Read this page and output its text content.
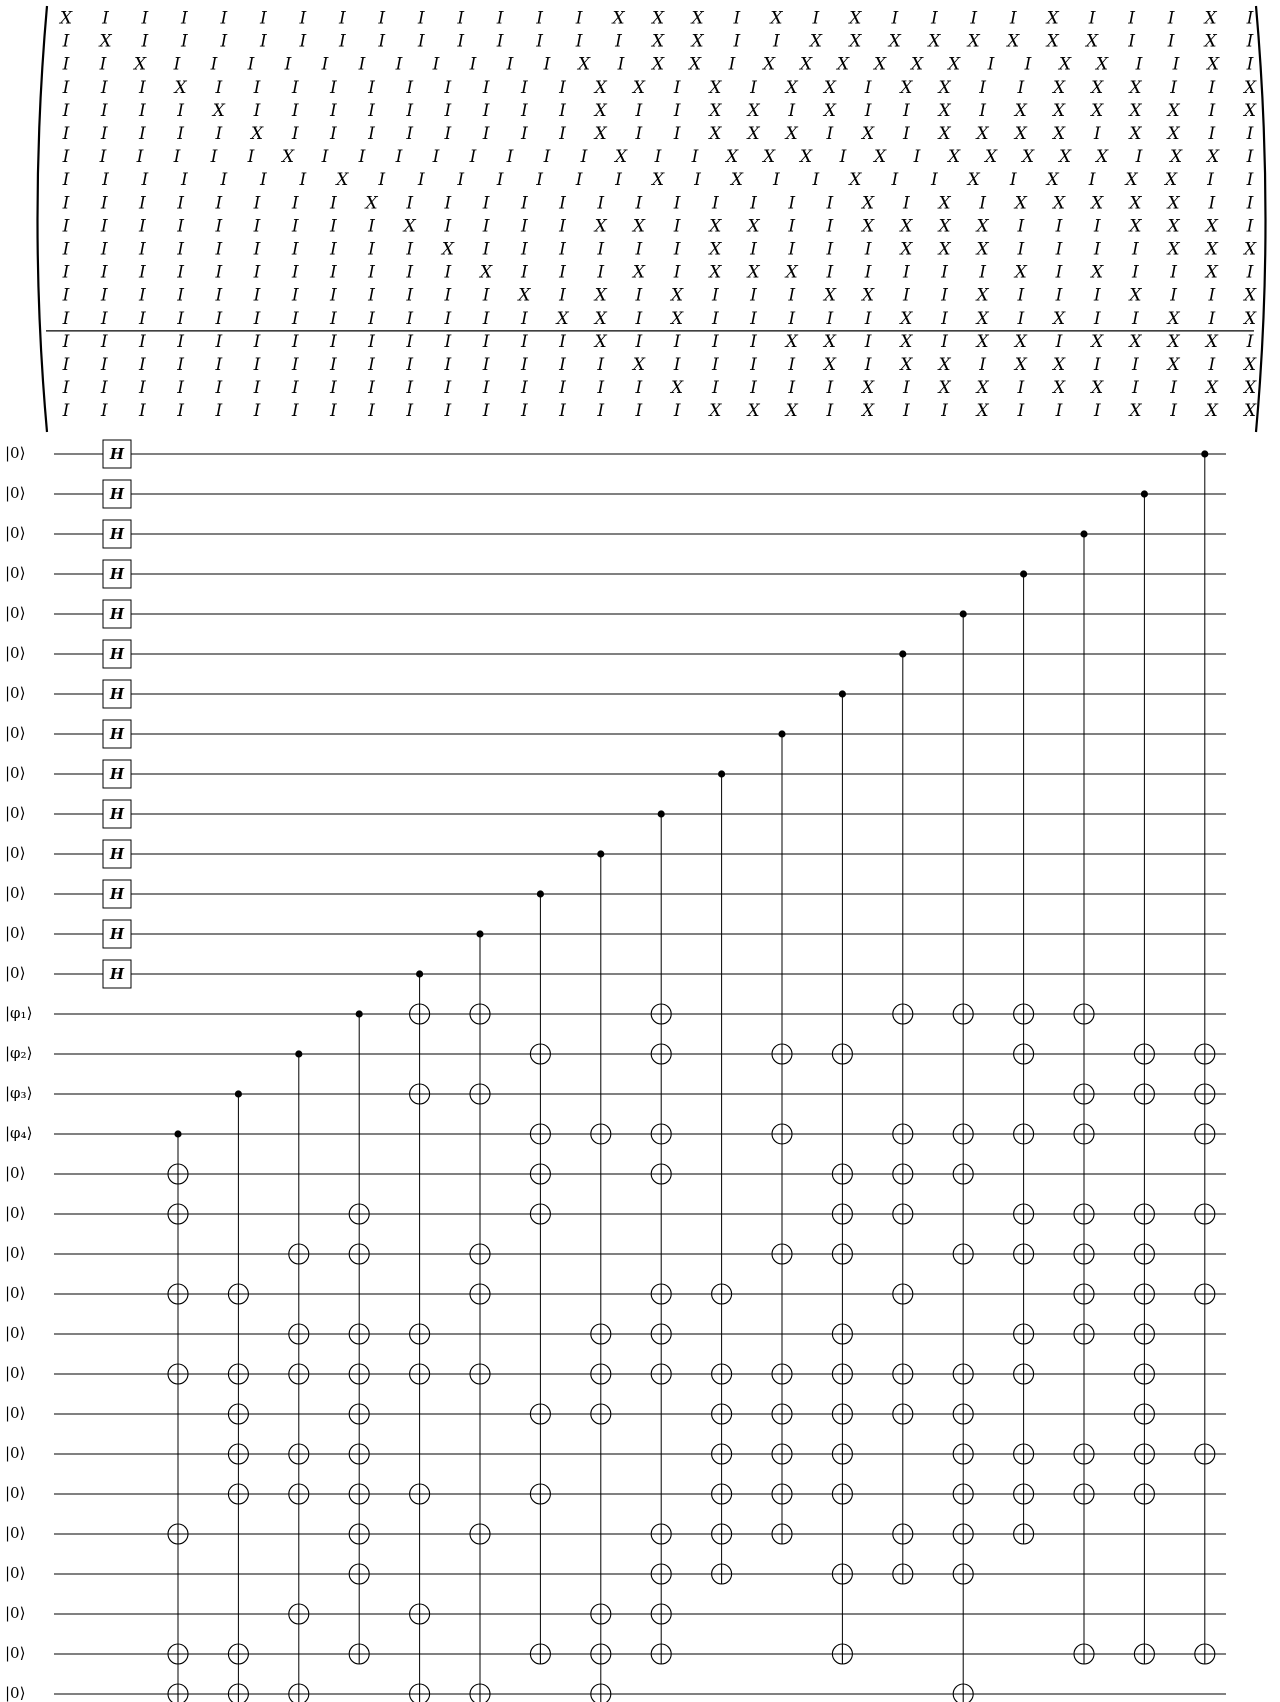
X I I I I I I I I I I I I I X X X I X I X I I I I X I I I X I
I X I I I I I I I I I I I I I X X I I X X X X X X X X I I X I
I I X I I I I I I I I I I I X I X X I X X X X X X I I X X I I X I
I I I X I I I I I I I I I I X X I X I X X I X X I I X X X I I X
I I I I X I I I I I I I I I X I I X X I X I I X I X X X X X I X
I I I I I X I I I I I I I I X I I X X X I X I X X X X I X X I I
I I I I I I X I I I I I I I I X I I X X X I X I X X X X X I X X I
I I I I I I I X I I I I I I I X I X I I X I I X I X I X X I I
I I I I I I I I X I I I I I I I I I I I I X I X I X X X X X I I
I I I I I I I I I X I I I I X X I X X I I X X X X I I I X X X I
I I I I I I I I I I X I I I I I I X I I I I X X X I I I I X X X
I I I I I I I I I I I X I I I X I X X X I I I I I X I X I I X I
I I I I I I I I I I I I X I X I X I I I X X I I X I I I X I I X
I I I I I I I I I I I I I X X I X I I I I I X I X I X I I X I X
I I I I I I I I I I I I I I X I I I I X X I X I X X I X X X X I
I I I I I I I I I I I I I I I X I I I I X I X X I X X I I X I X
I I I I I I I I I I I I I I I I X I I I I X I X X I X X I I X X
I I I I I I I I I I I I I I I I I X X X I X I I X I I I X I X X
|0⟩
|0⟩
|0⟩
|0⟩
|0⟩
|0⟩
|0⟩
|0⟩
|0⟩
|0⟩
|0⟩
|0⟩
|0⟩
|0⟩
|φ₁⟩
|φ₂⟩
|φ₃⟩
|φ₄⟩
|0⟩
|0⟩
|0⟩
|0⟩
|0⟩
|0⟩
|0⟩
|0⟩
|0⟩
|0⟩
|0⟩
|0⟩
|0⟩
|0⟩
H
H
H
H
H
H
H
H
H
H
H
H
H
H
